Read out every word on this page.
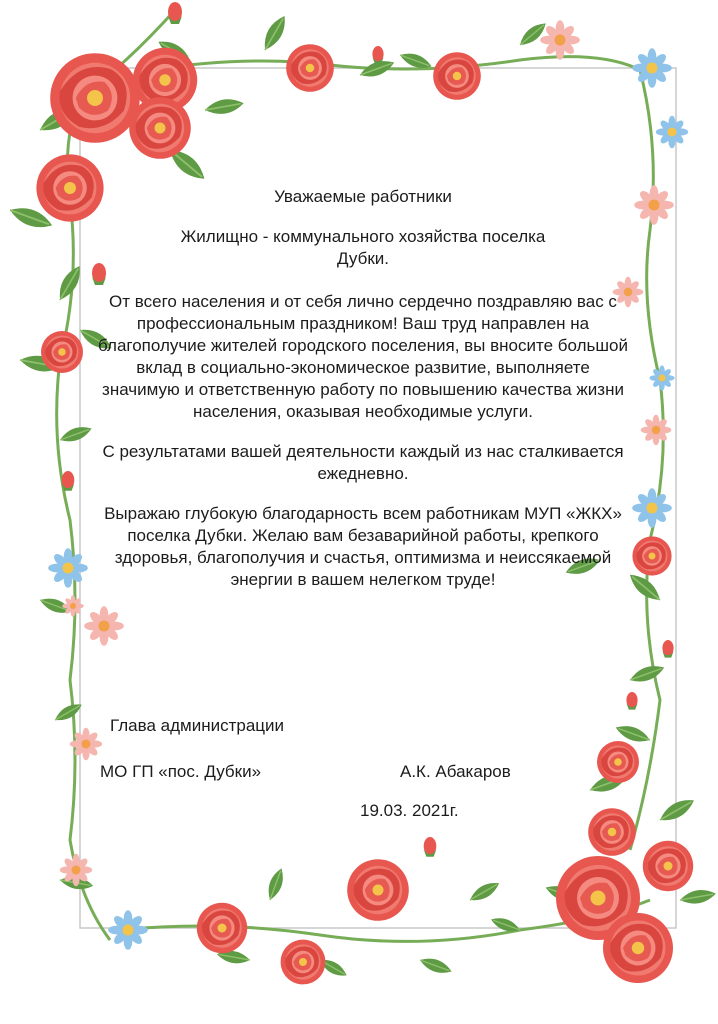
Уважаемые работники

Жилищно - коммунального хозяйства поселка
Дубки.

От всего населения и от себя лично сердечно поздравляю вас с профессиональным праздником! Ваш труд направлен на благополучие жителей городского поселения, вы вносите большой вклад в социально-экономическое развитие, выполняете значимую и ответственную работу по повышению качества жизни населения, оказывая необходимые услуги.

С результатами вашей деятельности каждый из нас сталкивается ежедневно.

Выражаю глубокую благодарность всем работникам МУП «ЖКХ» поселка Дубки. Желаю вам безаварийной работы, крепкого здоровья, благополучия и счастья, оптимизма и неиссякаемой энергии в вашем нелегком труде!

Глава администрации
МО ГП «пос. Дубки»	А.К. Абакаров
19.03. 2021г.
